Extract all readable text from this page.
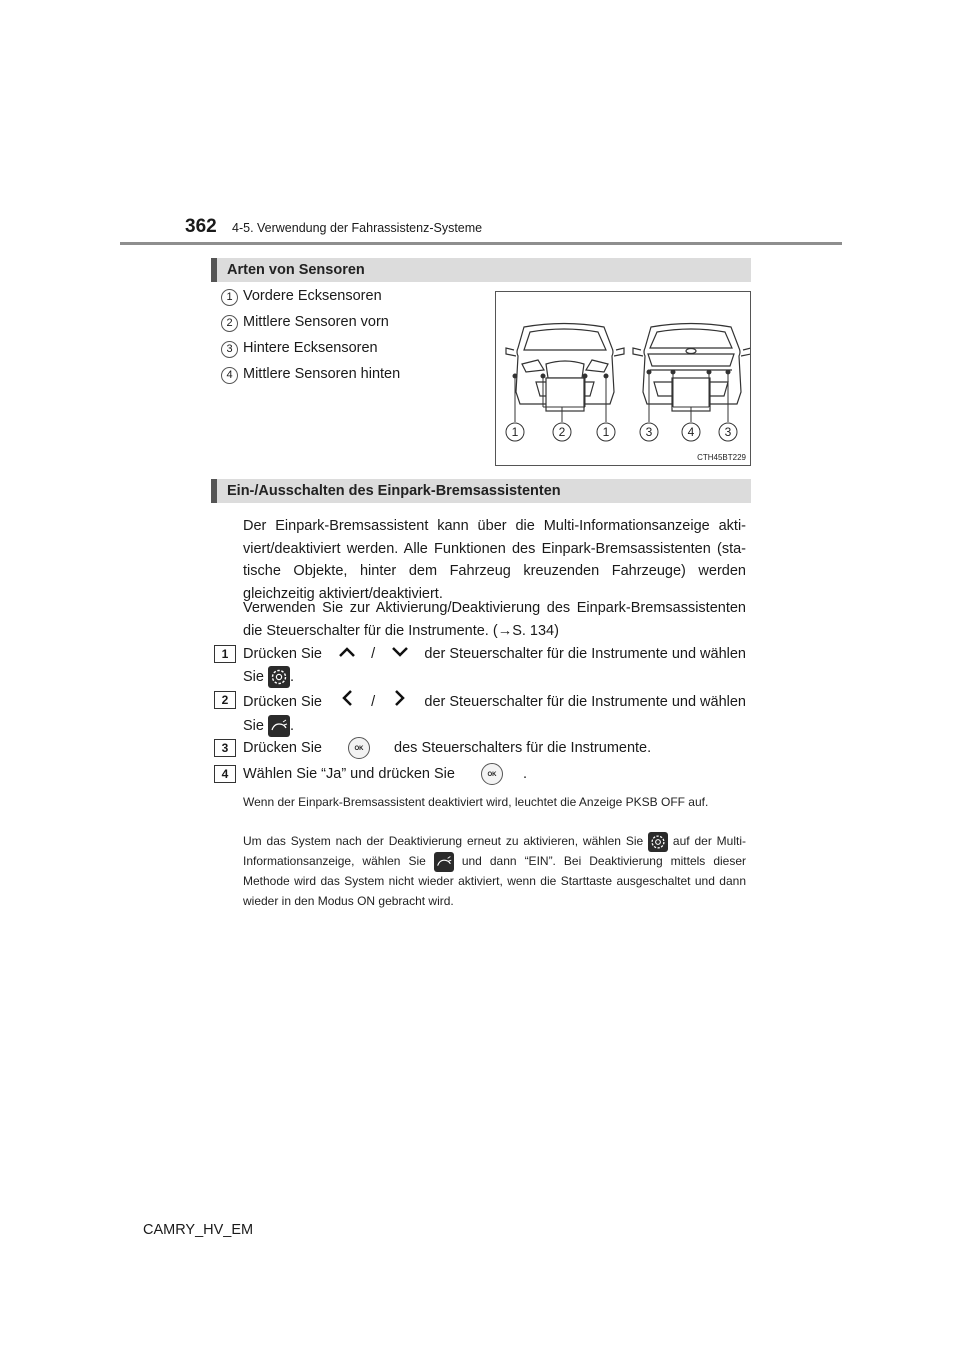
362 4-5. Verwendung der Fahrassistenz-Systeme
Arten von Sensoren
1 Vordere Ecksensoren
2 Mittlere Sensoren vorn
3 Hintere Ecksensoren
4 Mittlere Sensoren hinten
1	2	1	3	4	3
CTH45BT229
Ein-/Ausschalten des Einpark-Bremsassistenten
Der Einpark-Bremsassistent kann über die Multi-Informationsanzeige akti-viert/deaktiviert werden. Alle Funktionen des Einpark-Bremsassistenten (sta-tische Objekte, hinter dem Fahrzeug kreuzenden Fahrzeuge) werden gleichzeitig aktiviert/deaktiviert.
Verwenden Sie zur Aktivierung/Deaktivierung des Einpark-Bremsassistenten die Steuerschalter für die Instrumente. (→S. 134)
1	Drücken Sie	/	der Steuerschalter für die Instrumente und wählen
Sie .
2	Drücken Sie	/	der Steuerschalter für die Instrumente und wählen
Sie .
3	Drücken Sie	OK des Steuerschalters für die Instrumente.
4	Wählen Sie “Ja” und drücken Sie	OK .
Wenn der Einpark-Bremsassistent deaktiviert wird, leuchtet die Anzeige PKSB OFF auf.
Um das System nach der Deaktivierung erneut zu aktivieren, wählen Sie auf der Multi-Informationsanzeige, wählen Sie	und dann “EIN”. Bei Deaktivierung mittels dieser Methode wird das System nicht wieder aktiviert, wenn die Starttaste ausgeschaltet und dann wieder in den Modus ON gebracht wird.
CAMRY_HV_EM
